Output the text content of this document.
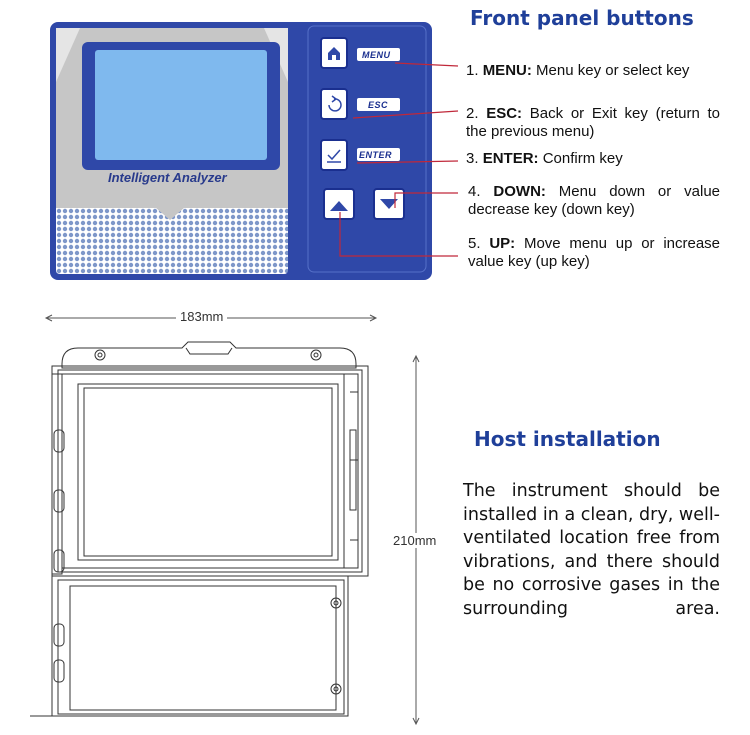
Intelligent Analyzer
MENU
ESC
ENTER
Front panel buttons
1. MENU: Menu key or select key
2. ESC: Back or Exit key (return to the previous menu)
3. ENTER: Confirm key
4. DOWN: Menu down or value decrease key (down key)
5. UP: Move menu up or increase value key (up key)
183mm
210mm
Host installation
The instrument should be installed in a clean, dry, well-ventilated location free from vibrations, and there should be no corrosive gases in the surrounding area.
